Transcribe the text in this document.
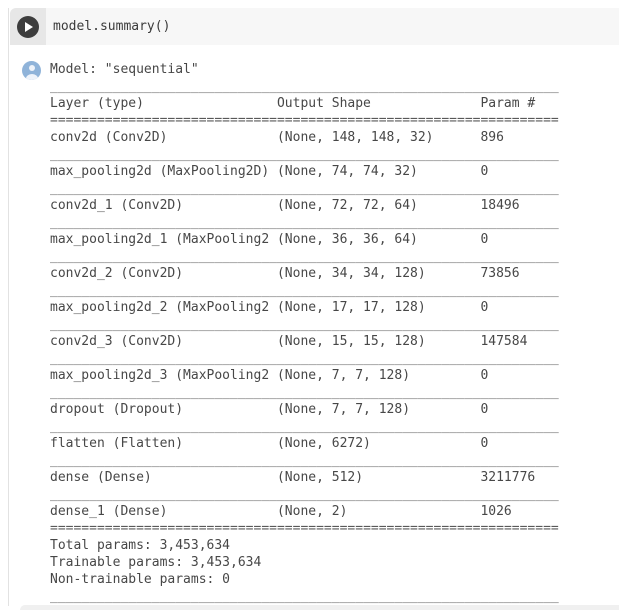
model.summary()
Model: "sequential"
_________________________________________________________________
Layer (type)	Output Shape	Param #
=================================================================
conv2d (Conv2D)	(None, 148, 148, 32)	896
_________________________________________________________________
max_pooling2d (MaxPooling2D) (None, 74, 74, 32)	0
_________________________________________________________________
conv2d_1 (Conv2D)	(None, 72, 72, 64)	18496
_________________________________________________________________
max_pooling2d_1 (MaxPooling2 (None, 36, 36, 64)	0
_________________________________________________________________
conv2d_2 (Conv2D)	(None, 34, 34, 128)	73856
_________________________________________________________________
max_pooling2d_2 (MaxPooling2 (None, 17, 17, 128)	0
_________________________________________________________________
conv2d_3 (Conv2D)	(None, 15, 15, 128)	147584
_________________________________________________________________
max_pooling2d_3 (MaxPooling2 (None, 7, 7, 128)	0
_________________________________________________________________
dropout (Dropout)	(None, 7, 7, 128)	0
_________________________________________________________________
flatten (Flatten)	(None, 6272)	0
_________________________________________________________________
dense (Dense)	(None, 512)	3211776
_________________________________________________________________
dense_1 (Dense)	(None, 2)	1026
=================================================================
Total params: 3,453,634
Trainable params: 3,453,634
Non-trainable params: 0
_________________________________________________________________
